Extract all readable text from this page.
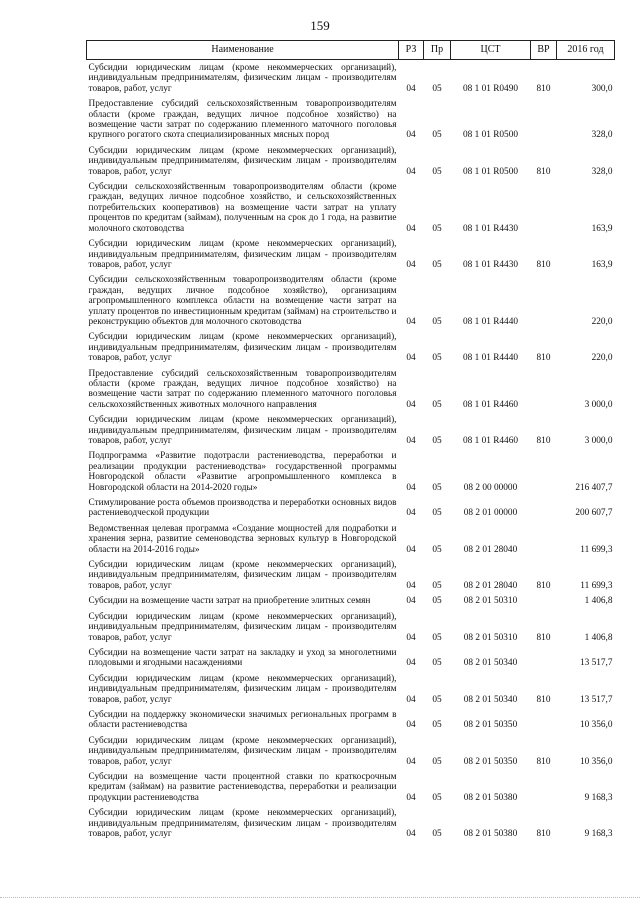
159
Наименование	РЗ	Пр	ЦСТ	ВР	2016 год
Субсидии юридическим лицам (кроме некоммерческих организаций), индивидуальным предпринимателям, физическим лицам - производителям товаров, работ, услуг	04	05	08 1 01 R0490	810	300,0
Предоставление субсидий сельскохозяйственным товаропроизводителям области (кроме граждан, ведущих личное подсобное хозяйство) на возмещение части затрат по содержанию племенного маточного поголовья крупного рогатого скота специализированных мясных пород	04	05	08 1 01 R0500		328,0
Субсидии юридическим лицам (кроме некоммерческих организаций), индивидуальным предпринимателям, физическим лицам - производителям товаров, работ, услуг	04	05	08 1 01 R0500	810	328,0
Субсидии сельскохозяйственным товаропроизводителям области (кроме граждан, ведущих личное подсобное хозяйство, и сельскохозяйственных потребительских кооперативов) на возмещение части затрат на уплату процентов по кредитам (займам), полученным на срок до 1 года, на развитие молочного скотоводства	04	05	08 1 01 R4430		163,9
Субсидии юридическим лицам (кроме некоммерческих организаций), индивидуальным предпринимателям, физическим лицам - производителям товаров, работ, услуг	04	05	08 1 01 R4430	810	163,9
Субсидии сельскохозяйственным товаропроизводителям области (кроме граждан, ведущих личное подсобное хозяйство), организациям агропромышленного комплекса области на возмещение части затрат на уплату процентов по инвестиционным кредитам (займам) на строительство и реконструкцию объектов для молочного скотоводства	04	05	08 1 01 R4440		220,0
Субсидии юридическим лицам (кроме некоммерческих организаций), индивидуальным предпринимателям, физическим лицам - производителям товаров, работ, услуг	04	05	08 1 01 R4440	810	220,0
Предоставление субсидий сельскохозяйственным товаропроизводителям области (кроме граждан, ведущих личное подсобное хозяйство) на возмещение части затрат по содержанию племенного маточного поголовья сельскохозяйственных животных молочного направления	04	05	08 1 01 R4460		3 000,0
Субсидии юридическим лицам (кроме некоммерческих организаций), индивидуальным предпринимателям, физическим лицам - производителям товаров, работ, услуг	04	05	08 1 01 R4460	810	3 000,0
Подпрограмма «Развитие подотрасли растениеводства, переработки и реализации продукции растениеводства» государственной программы Новгородской области «Развитие агропромышленного комплекса в Новгородской области на 2014-2020 годы»	04	05	08 2 00 00000		216 407,7
Стимулирование роста объемов производства и переработки основных видов растениеводческой продукции	04	05	08 2 01 00000		200 607,7
Ведомственная целевая программа «Создание мощностей для подработки и хранения зерна, развитие семеноводства зерновых культур в Новгородской области на 2014-2016 годы»	04	05	08 2 01 28040		11 699,3
Субсидии юридическим лицам (кроме некоммерческих организаций), индивидуальным предпринимателям, физическим лицам - производителям товаров, работ, услуг	04	05	08 2 01 28040	810	11 699,3
Субсидии на возмещение части затрат на приобретение элитных семян	04	05	08 2 01 50310		1 406,8
Субсидии юридическим лицам (кроме некоммерческих организаций), индивидуальным предпринимателям, физическим лицам - производителям товаров, работ, услуг	04	05	08 2 01 50310	810	1 406,8
Субсидии на возмещение части затрат на закладку и уход за многолетними плодовыми и ягодными насаждениями	04	05	08 2 01 50340		13 517,7
Субсидии юридическим лицам (кроме некоммерческих организаций), индивидуальным предпринимателям, физическим лицам - производителям товаров, работ, услуг	04	05	08 2 01 50340	810	13 517,7
Субсидии на поддержку экономически значимых региональных программ в области растениеводства	04	05	08 2 01 50350		10 356,0
Субсидии юридическим лицам (кроме некоммерческих организаций), индивидуальным предпринимателям, физическим лицам - производителям товаров, работ, услуг	04	05	08 2 01 50350	810	10 356,0
Субсидии на возмещение части процентной ставки по краткосрочным кредитам (займам) на развитие растениеводства, переработки и реализации продукции растениеводства	04	05	08 2 01 50380		9 168,3
Субсидии юридическим лицам (кроме некоммерческих организаций), индивидуальным предпринимателям, физическим лицам - производителям товаров, работ, услуг	04	05	08 2 01 50380	810	9 168,3
